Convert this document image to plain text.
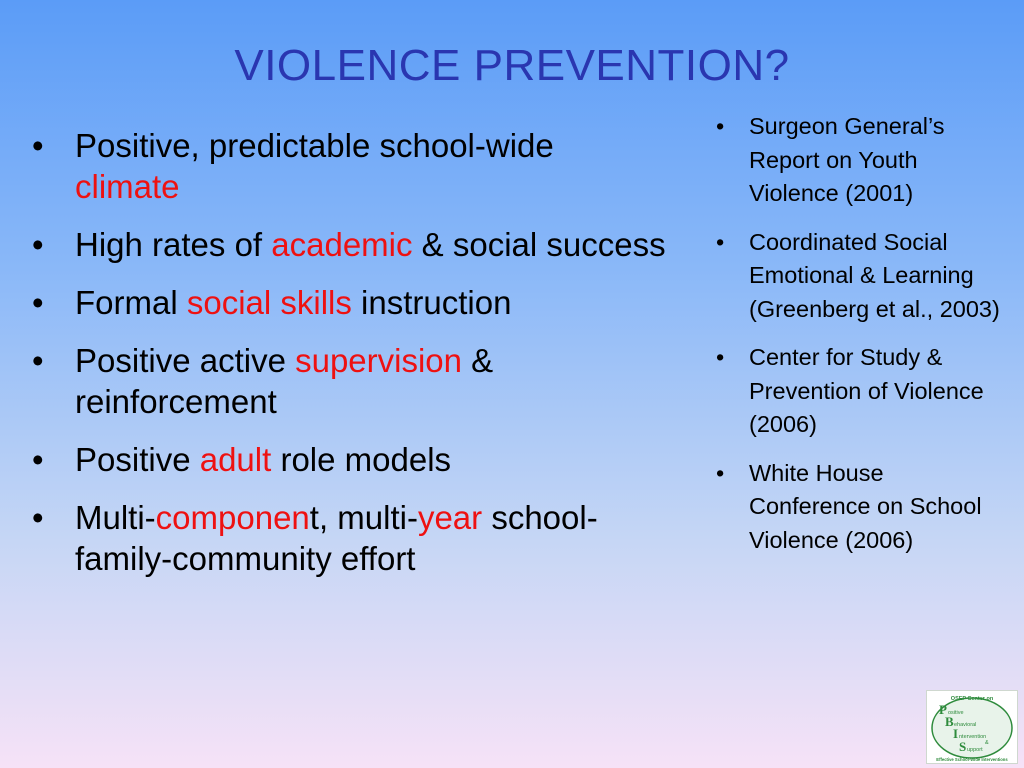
VIOLENCE PREVENTION?
• Positive, predictable school-wide
climate
• High rates of academic & social success
• Formal social skills instruction
• Positive active supervision & reinforcement
• Positive adult role models
• Multi-component, multi-year school-family-community effort
• Surgeon General’s Report on Youth Violence (2001)
• Coordinated Social Emotional & Learning (Greenberg et al., 2003)
• Center for Study & Prevention of Violence (2006)
• White House Conference on School Violence (2006)
OSEP Center on
P ositive
B ehavioral
I ntervention
&
S upport
Effective School-Wide Interventions
